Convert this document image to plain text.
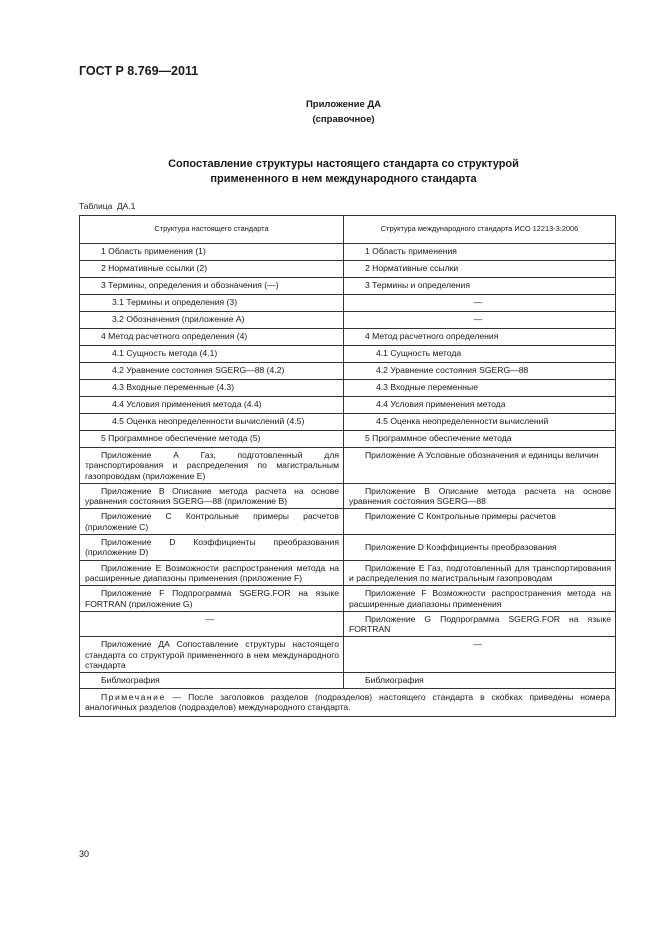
ГОСТ Р 8.769—2011
Приложение ДА
(справочное)
Сопоставление структуры настоящего стандарта со структурой
примененного в нем международного стандарта
Таблица ДА.1
Структура настоящего стандарта	Структура международного стандарта ИСО 12213-3:2006
1 Область применения (1)	1 Область применения
2 Нормативные ссылки (2)	2 Нормативные ссылки
3 Термины, определения и обозначения (—)	3 Термины и определения
3.1 Термины и определения (3)	—
3.2 Обозначения (приложение А)	—
4 Метод расчетного определения (4)	4 Метод расчетного определения
4.1 Сущность метода (4.1)	4.1 Сущность метода
4.2 Уравнение состояния SGERG—88 (4.2)	4.2 Уравнение состояния SGERG—88
4.3 Входные переменные (4.3)	4.3 Входные переменные
4.4 Условия применения метода (4.4)	4.4 Условия применения метода
4.5 Оценка неопределенности вычислений (4.5)	4.5 Оценка неопределенности вычислений
5 Программное обеспечение метода (5)	5 Программное обеспечение метода
Приложение А Газ, подготовленный для транспортирования и распределения по магистральным газопроводам (приложение Е)	Приложение А Условные обозначения и единицы величин
Приложение В Описание метода расчета на основе уравнения состояния SGERG—88 (приложение В)	Приложение В Описание метода расчета на основе уравнения состояния SGERG—88
Приложение С Контрольные примеры расчетов (приложение С)	Приложение С Контрольные примеры расчетов
Приложение D Коэффициенты преобразования (приложение D)	Приложение D Коэффициенты преобразования
Приложение Е Возможности распространения метода на расширенные диапазоны применения (приложение F)	Приложение Е Газ, подготовленный для транспортирования и распределения по магистральным газопроводам
Приложение F Подпрограмма SGERG.FOR на языке FORTRAN (приложение G)	Приложение F Возможности распространения метода на расширенные диапазоны применения
—	Приложение G Подпрограмма SGERG.FOR на языке FORTRAN
Приложение ДА Сопоставление структуры настоящего стандарта со структурой примененного в нем международного стандарта	—
Библиография	Библиография
Примечание — После заголовков разделов (подразделов) настоящего стандарта в скобках приведены номера аналогичных разделов (подразделов) международного стандарта.	
30
